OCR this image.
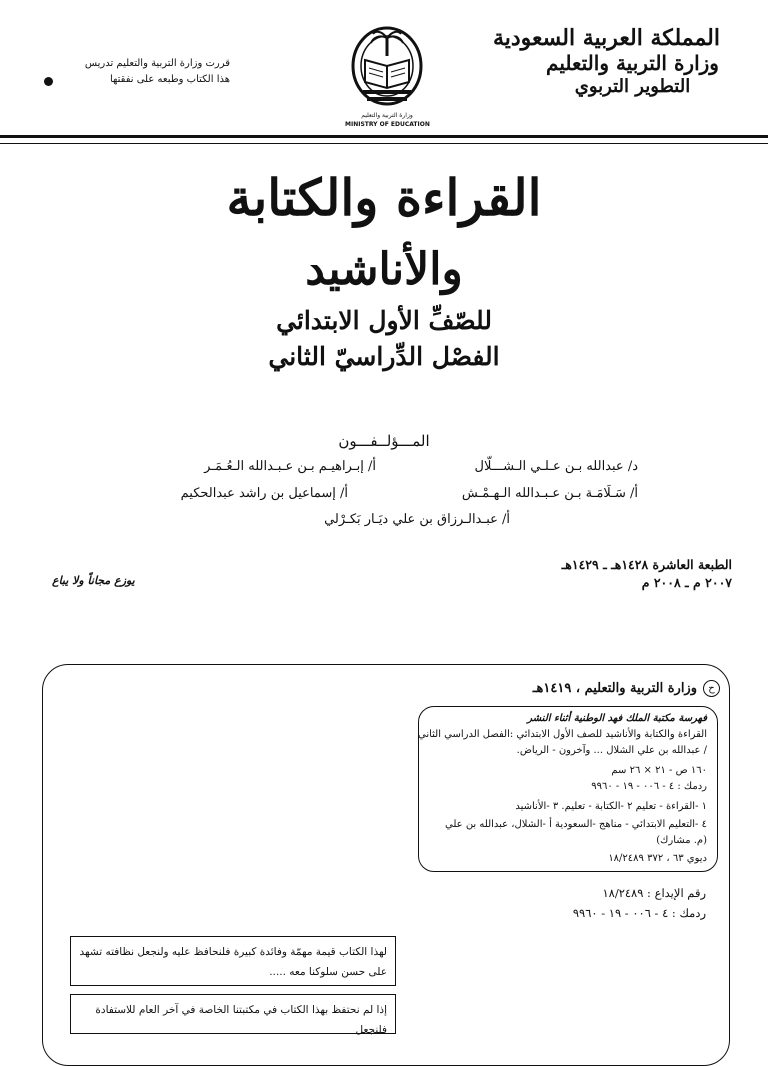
المملكة العربية السعودية
وزارة التربية والتعليم
التطوير التربوي
وزارة التربية والتعليم
MINISTRY OF EDUCATION
قررت وزارة التربية والتعليم تدريس
هذا الكتاب وطبعه على نفقتها
القراءة والكتابة
والأناشيد
للصّفِّ الأول الابتدائي
الفصْل الدِّراسيّ الثاني
المـــؤلــفـــون
د/ عبدالله بـن عـلـي الـشـــلّال
أ/ إبـراهيـم بـن عـبـدالله الـعُـمَـر
أ/ سَـلَامَـة بـن عـبـدالله الـهـمْـش
أ/ إسماعيل بن راشد عبدالحكيم
أ/ عبـدالـرزاق بن علي ديَـار بَكـرْلي
الطبعة العاشرة ١٤٢٨هـ ـ ١٤٢٩هـ
٢٠٠٧ م ـ ٢٠٠٨ م
يوزع مجاناً ولا يباع
حوزارة التربية والتعليم ، ١٤١٩هـ
فهرسة مكتبة الملك فهد الوطنية أثناء النشر
القراءة والكتابة والأناشيد للصف الأول الابتدائي :الفصل الدراسي الثاني
/ عبدالله بن علي الشلال ... وآخرون - الرياض.
١٦٠ ص - ٢١ × ٢٦ سم
ردمك : ٤ - ٠٠٦ - ١٩ - ٩٩٦٠
١ -القراءة - تعليم ٢ -الكتابة - تعليم. ٣ -الأناشيد
٤ -التعليم الابتدائي - مناهج -السعودية أ -الشلال، عبدالله بن علي
(م. مشارك)
ديوي ٦٣ ، ٣٧٢ ١٨/٢٤٨٩
رقم الإيداع : ١٨/٢٤٨٩
ردمك : ٤ - ٠٠٦ - ١٩ - ٩٩٦٠
لهذا الكتاب قيمة مهمّة وفائدة كبيرة فلنحافظ عليه ولنجعل نظافته تشهد على حسن سلوكنا معه .....
إذا لم نحتفظ بهذا الكتاب في مكتبتنا الخاصة في آخر العام للاستفادة فلنجعل
